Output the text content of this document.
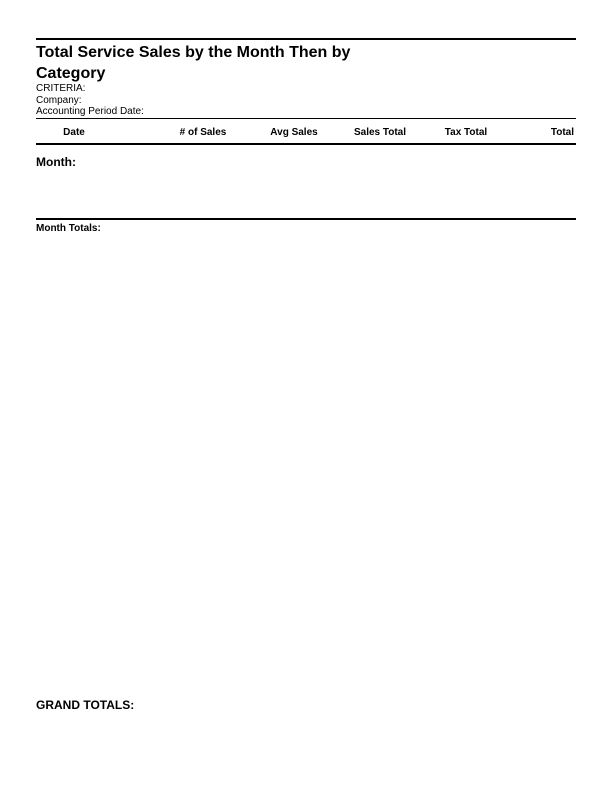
Total Service Sales by the Month Then by Category
CRITERIA:
Company:
Accounting Period Date:
Date	# of Sales	Avg Sales	Sales Total	Tax Total	Total
Month:
Month Totals:
GRAND TOTALS:
